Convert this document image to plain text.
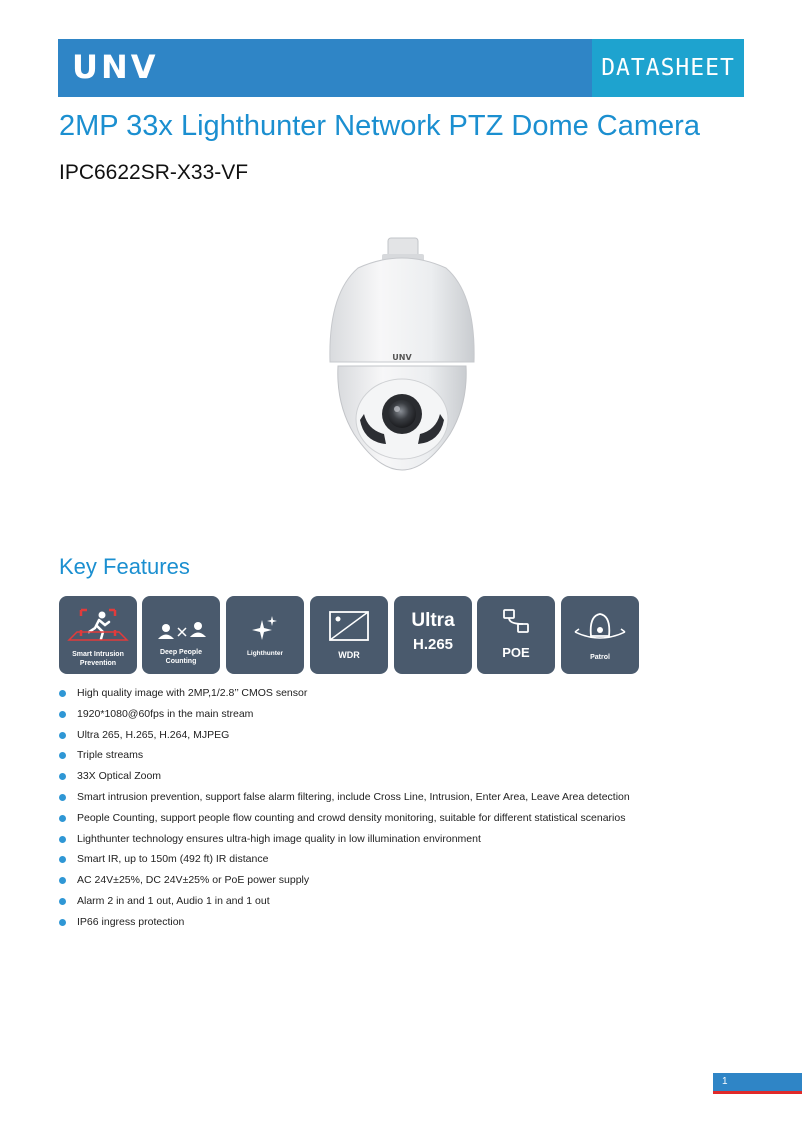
UNV	DATASHEET
2MP 33x Lighthunter Network PTZ Dome Camera
IPC6622SR-X33-VF
UNV
Key Features
Smart Intrusion Prevention
Deep People Counting
Lighthunter	WDR
Ultra
H.265	POE	Patrol
High quality image with 2MP,1/2.8’’ CMOS sensor
1920*1080@60fps in the main stream
Ultra 265, H.265, H.264, MJPEG
Triple streams
33X Optical Zoom
Smart intrusion prevention, support false alarm filtering, include Cross Line, Intrusion, Enter Area, Leave Area detection
People Counting, support people flow counting and crowd density monitoring, suitable for different statistical scenarios
Lighthunter technology ensures ultra-high image quality in low illumination environment
Smart IR, up to 150m (492 ft) IR distance
AC 24V±25%, DC 24V±25% or PoE power supply
Alarm 2 in and 1 out, Audio 1 in and 1 out
IP66 ingress protection
1
